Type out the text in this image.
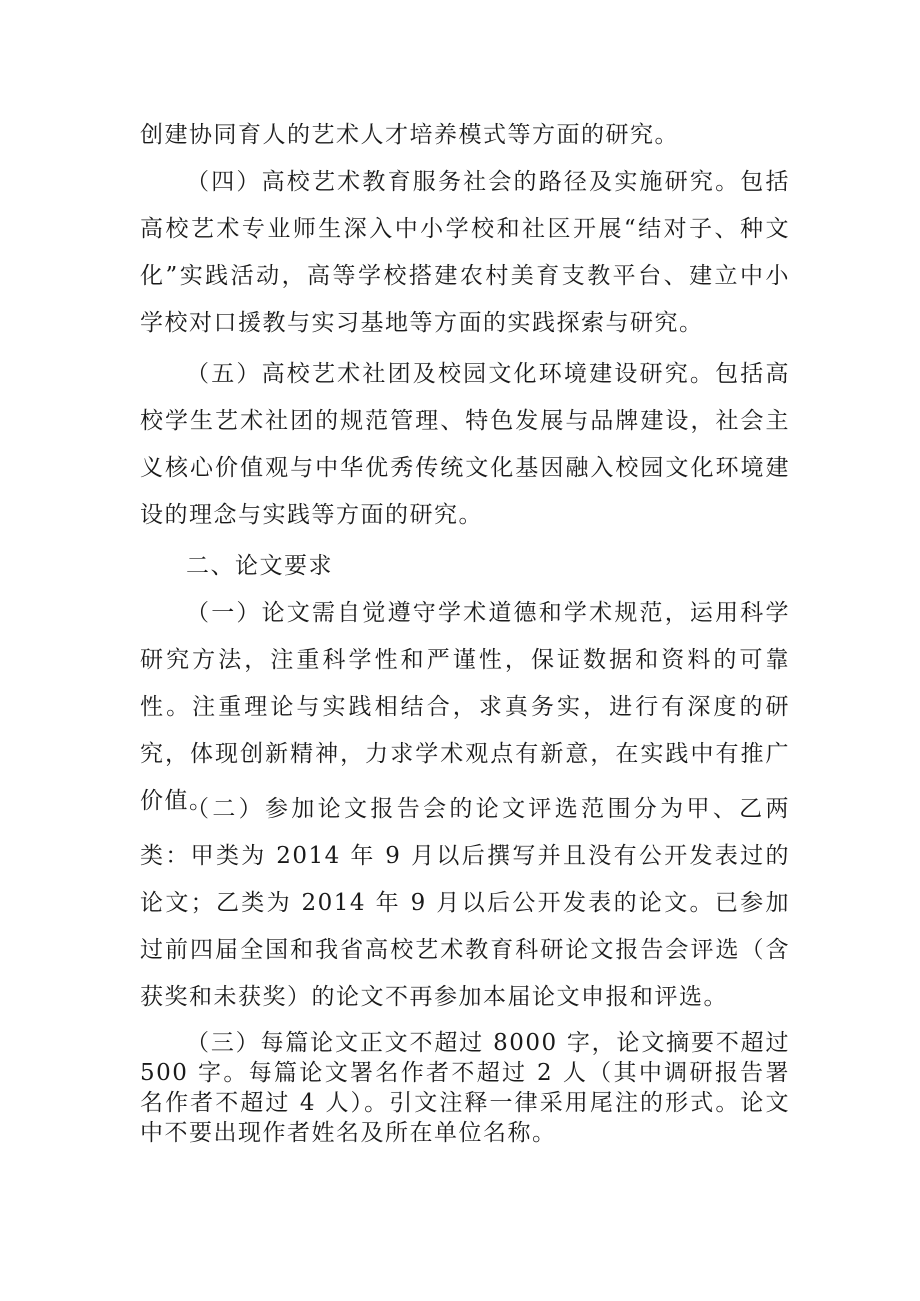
创建协同育人的艺术人才培养模式等方面的研究。

（四）高校艺术教育服务社会的路径及实施研究。包括高校艺术专业师生深入中小学校和社区开展“结对子、种文化”实践活动，高等学校搭建农村美育支教平台、建立中小学校对口援教与实习基地等方面的实践探索与研究。

（五）高校艺术社团及校园文化环境建设研究。包括高校学生艺术社团的规范管理、特色发展与品牌建设，社会主义核心价值观与中华优秀传统文化基因融入校园文化环境建设的理念与实践等方面的研究。

二、论文要求

（一）论文需自觉遵守学术道德和学术规范，运用科学研究方法，注重科学性和严谨性，保证数据和资料的可靠性。注重理论与实践相结合，求真务实，进行有深度的研究，体现创新精神，力求学术观点有新意，在实践中有推广价值。

（二）参加论文报告会的论文评选范围分为甲、乙两类：甲类为 2014 年 9 月以后撰写并且没有公开发表过的论文；乙类为 2014 年 9 月以后公开发表的论文。已参加过前四届全国和我省高校艺术教育科研论文报告会评选（含获奖和未获奖）的论文不再参加本届论文申报和评选。

（三）每篇论文正文不超过 8000 字，论文摘要不超过 500 字。每篇论文署名作者不超过 2 人（其中调研报告署名作者不超过 4 人）。引文注释一律采用尾注的形式。论文中不要出现作者姓名及所在单位名称。
